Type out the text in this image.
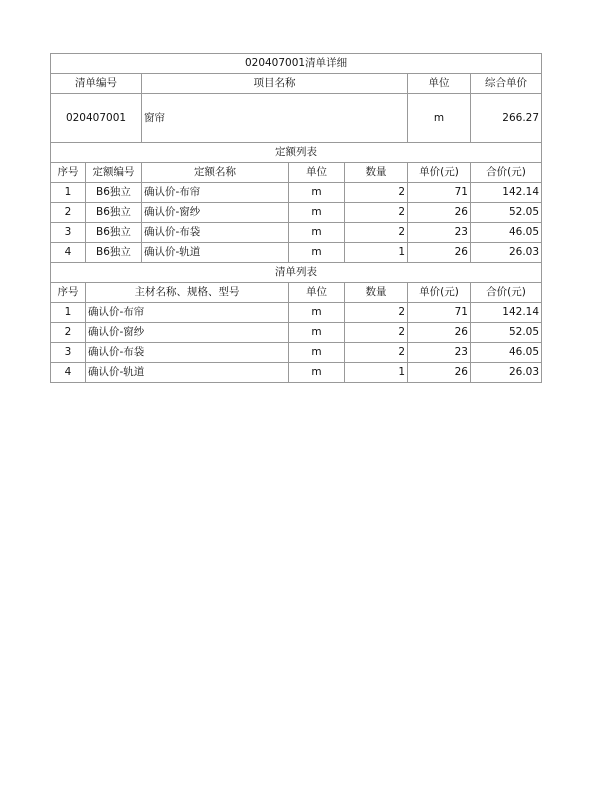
020407001清单详细						
清单编号		项目名称			单位	综合单价
020407001		窗帘			m	266.27
定额列表						
序号	定额编号	定额名称	单位	数量	单价(元)	合价(元)
1	B6独立	确认价-布帘	m	2	71	142.14
2	B6独立	确认价-窗纱	m	2	26	52.05
3	B6独立	确认价-布袋	m	2	23	46.05
4	B6独立	确认价-轨道	m	1	26	26.03
清单列表						
序号	主材名称、规格、型号		单位	数量	单价(元)	合价(元)
1	确认价-布帘		m	2	71	142.14
2	确认价-窗纱		m	2	26	52.05
3	确认价-布袋		m	2	23	46.05
4	确认价-轨道		m	1	26	26.03
